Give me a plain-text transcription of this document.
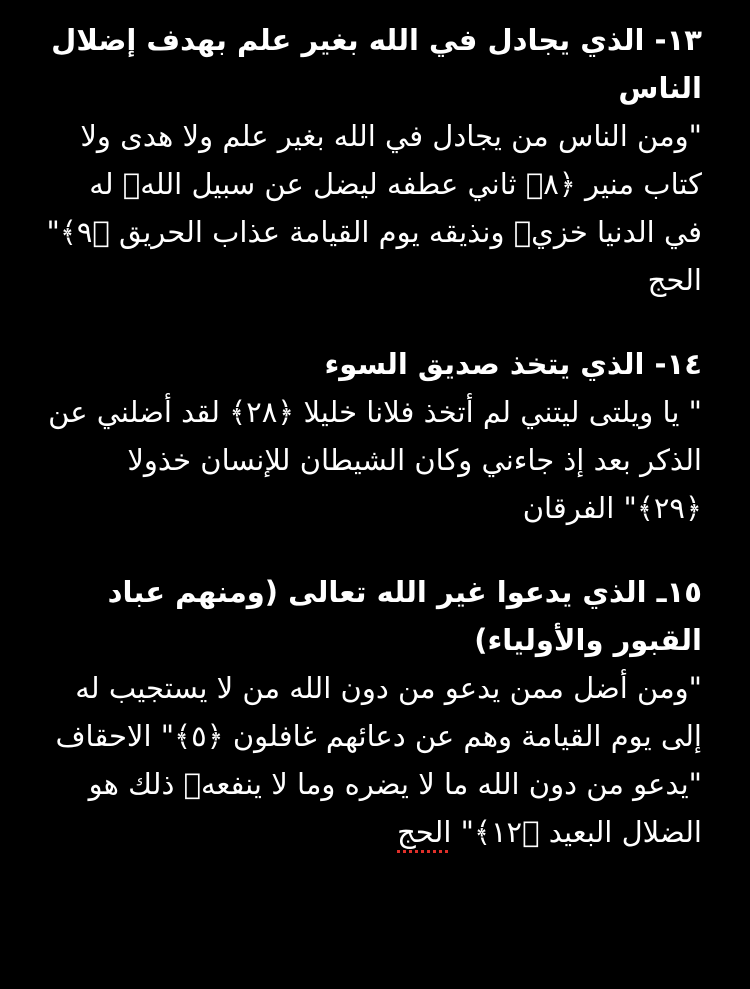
١٣- الذي يجادل في الله بغير علم بهدف إضلال الناس

"ومن الناس من يجادل في الله بغير علم ولا هدى ولا كتاب منير ﴿٨﴾ ثاني عطفه ليضل عن سبيل اللهۖ له في الدنيا خزيۖ ونذيقه يوم القيامة عذاب الحريق ﴿٩﴾" الحج

١٤- الذي يتخذ صديق السوء

" يا ويلتى ليتني لم أتخذ فلانا خليلا ﴿٢٨﴾ لقد أضلني عن الذكر بعد إذ جاءني وكان الشيطان للإنسان خذولا ﴿٢٩﴾" الفرقان

١٥ـ الذي يدعوا غير الله تعالى (ومنهم عباد القبور والأولياء)

"ومن أضل ممن يدعو من دون الله من لا يستجيب له إلى يوم القيامة وهم عن دعائهم غافلون ﴿٥﴾" الاحقاف

"يدعو من دون الله ما لا يضره وما لا ينفعهۚ ذلك هو الضلال البعيد ﴿١٢﴾" الحج
